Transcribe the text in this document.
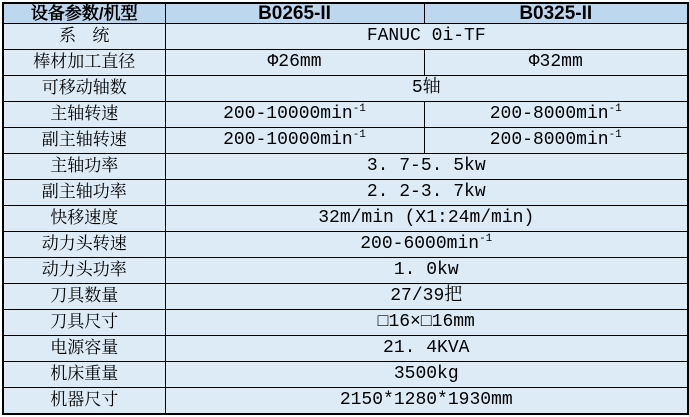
设备参数/机型	B0265-II	B0325-II
系   统	FANUC 0i-TF	
棒材加工直径	Φ26mm	Φ32mm
可移动轴数	5轴	
主轴转速	$200-10000\min^{-1}$	$200-8000\min^{-1}$
副主轴转速	$200-10000\min^{-1}$	$200-8000\min^{-1}$
主轴功率	3. 7-5. 5kw	
副主轴功率	2. 2-3. 7kw	
快移速度	32m/min (X1:24m/min)	
动力头转速	$200-6000\min^{-1}$
动力头功率	1. 0kw	
刀具数量	27/39把	
刀具尺寸	□16×□16mm	
电源容量	21. 4KVA	
机床重量	3500kg	
机器尺寸	2150*1280*1930mm	
